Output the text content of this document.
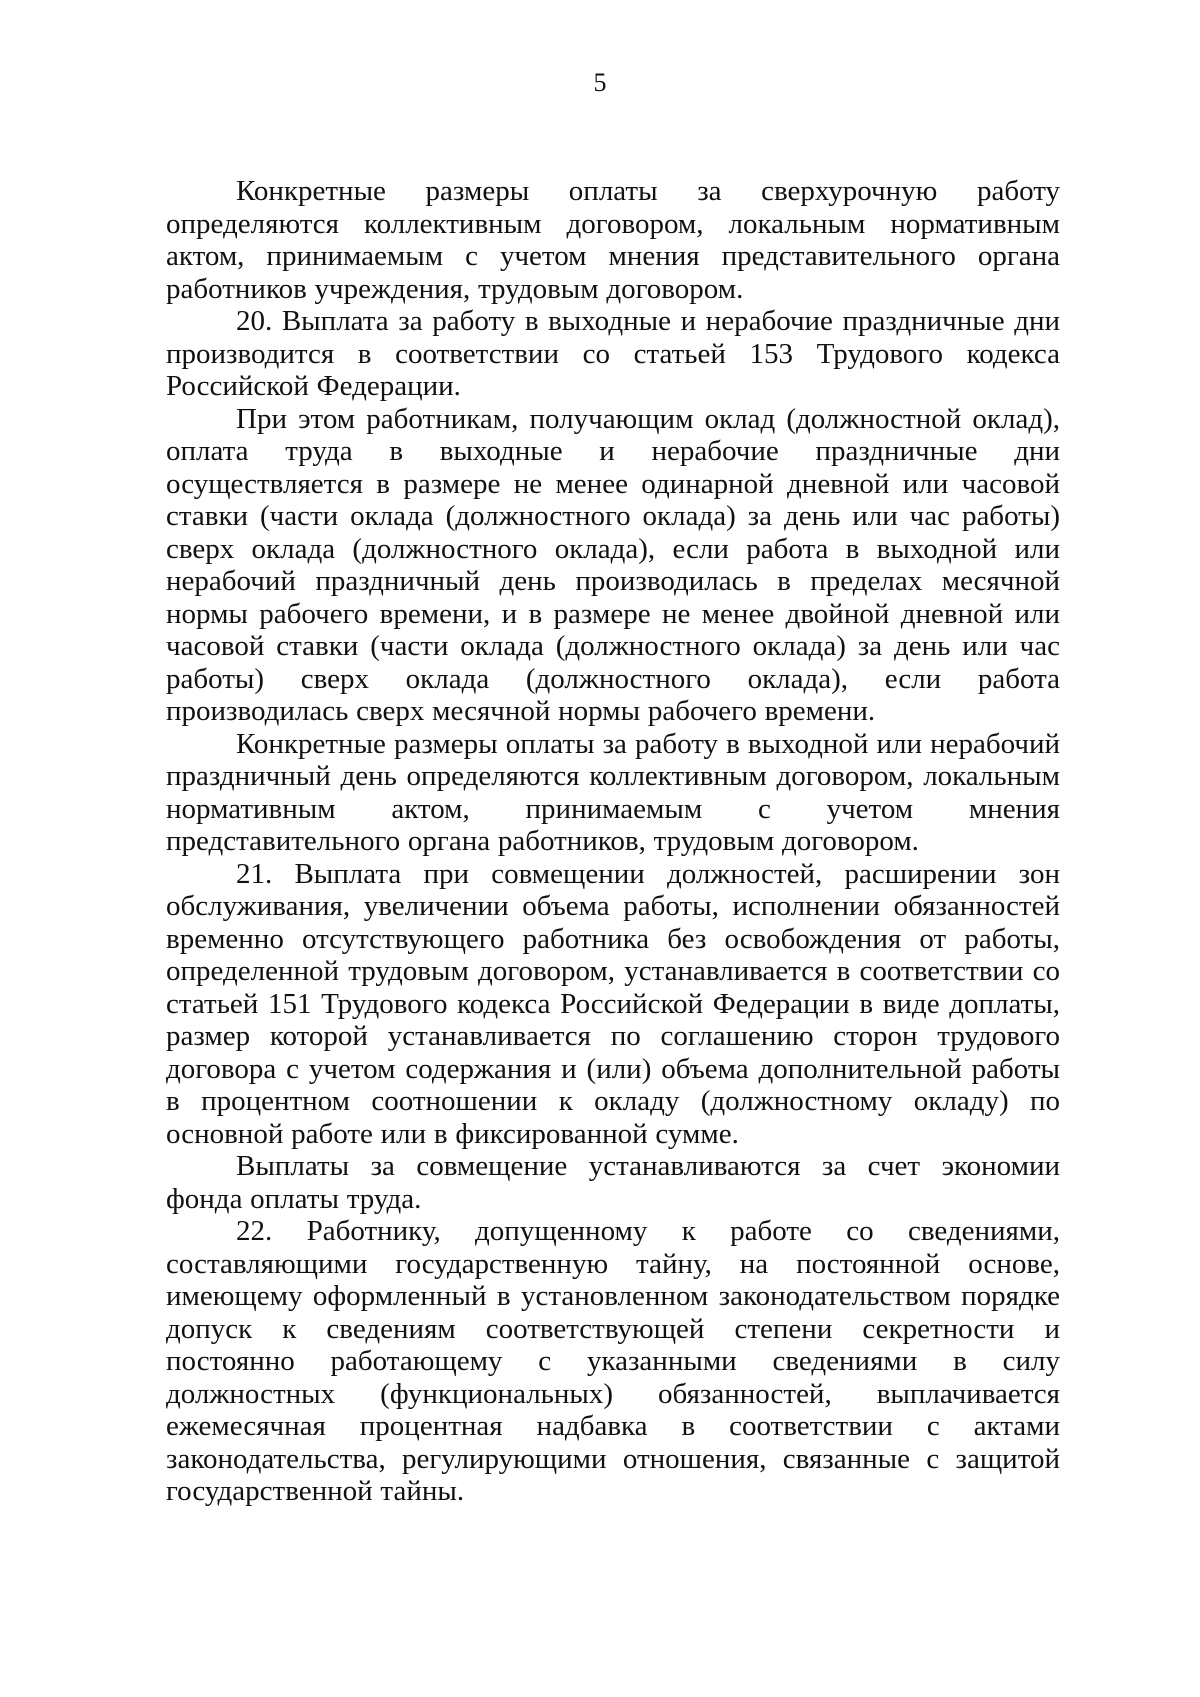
5

Конкретные размеры оплаты за сверхурочную работу определяются коллективным договором, локальным нормативным актом, принимаемым с учетом мнения представительного органа работников учреждения, трудовым договором.

20. Выплата за работу в выходные и нерабочие праздничные дни производится в соответствии со статьей 153 Трудового кодекса Российской Федерации.

При этом работникам, получающим оклад (должностной оклад), оплата труда в выходные и нерабочие праздничные дни осуществляется в размере не менее одинарной дневной или часовой ставки (части оклада (должностного оклада) за день или час работы) сверх оклада (должностного оклада), если работа в выходной или нерабочий праздничный день производилась в пределах месячной нормы рабочего времени, и в размере не менее двойной дневной или часовой ставки (части оклада (должностного оклада) за день или час работы) сверх оклада (должностного оклада), если работа производилась сверх месячной нормы рабочего времени.

Конкретные размеры оплаты за работу в выходной или нерабочий праздничный день определяются коллективным договором, локальным нормативным актом, принимаемым с учетом мнения представительного органа работников, трудовым договором.

21. Выплата при совмещении должностей, расширении зон обслуживания, увеличении объема работы, исполнении обязанностей временно отсутствующего работника без освобождения от работы, определенной трудовым договором, устанавливается в соответствии со статьей 151 Трудового кодекса Российской Федерации в виде доплаты, размер которой устанавливается по соглашению сторон трудового договора с учетом содержания и (или) объема дополнительной работы в процентном соотношении к окладу (должностному окладу) по основной работе или в фиксированной сумме.

Выплаты за совмещение устанавливаются за счет экономии фонда оплаты труда.

22. Работнику, допущенному к работе со сведениями, составляющими государственную тайну, на постоянной основе, имеющему оформленный в установленном законодательством порядке допуск к сведениям соответствующей степени секретности и постоянно работающему с указанными сведениями в силу должностных (функциональных) обязанностей, выплачивается ежемесячная процентная надбавка в соответствии с актами законодательства, регулирующими отношения, связанные с защитой государственной тайны.
